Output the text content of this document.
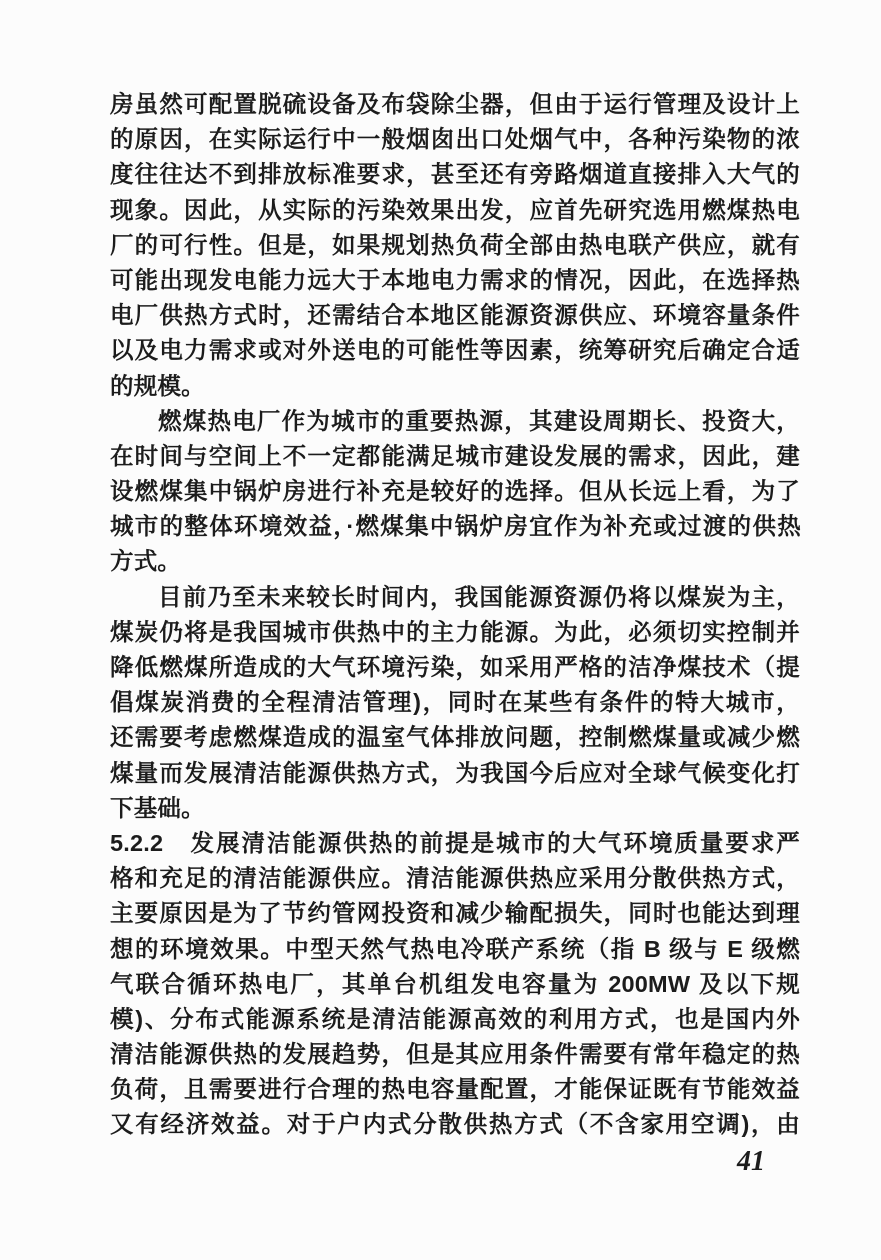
房虽然可配置脱硫设备及布袋除尘器，但由于运行管理及设计上
的原因，在实际运行中一般烟囱出口处烟气中，各种污染物的浓
度往往达不到排放标准要求，甚至还有旁路烟道直接排入大气的
现象。因此，从实际的污染效果出发，应首先研究选用燃煤热电
厂的可行性。但是，如果规划热负荷全部由热电联产供应，就有
可能出现发电能力远大于本地电力需求的情况，因此，在选择热
电厂供热方式时，还需结合本地区能源资源供应、环境容量条件
以及电力需求或对外送电的可能性等因素，统筹研究后确定合适
的规模。
燃煤热电厂作为城市的重要热源，其建设周期长、投资大，
在时间与空间上不一定都能满足城市建设发展的需求，因此，建
设燃煤集中锅炉房进行补充是较好的选择。但从长远上看，为了
城市的整体环境效益，·燃煤集中锅炉房宜作为补充或过渡的供热
方式。
目前乃至未来较长时间内，我国能源资源仍将以煤炭为主，
煤炭仍将是我国城市供热中的主力能源。为此，必须切实控制并
降低燃煤所造成的大气环境污染，如采用严格的洁净煤技术（提
倡煤炭消费的全程清洁管理)，同时在某些有条件的特大城市，
还需要考虑燃煤造成的温室气体排放问题，控制燃煤量或减少燃
煤量而发展清洁能源供热方式，为我国今后应对全球气候变化打
下基础。
5.2.2　发展清洁能源供热的前提是城市的大气环境质量要求严
格和充足的清洁能源供应。清洁能源供热应采用分散供热方式，
主要原因是为了节约管网投资和减少输配损失，同时也能达到理
想的环境效果。中型天然气热电冷联产系统（指 B 级与 E 级燃
气联合循环热电厂，其单台机组发电容量为 200MW 及以下规
模)、分布式能源系统是清洁能源高效的利用方式，也是国内外
清洁能源供热的发展趋势，但是其应用条件需要有常年稳定的热
负荷，且需要进行合理的热电容量配置，才能保证既有节能效益
又有经济效益。对于户内式分散供热方式（不含家用空调)，由
41
